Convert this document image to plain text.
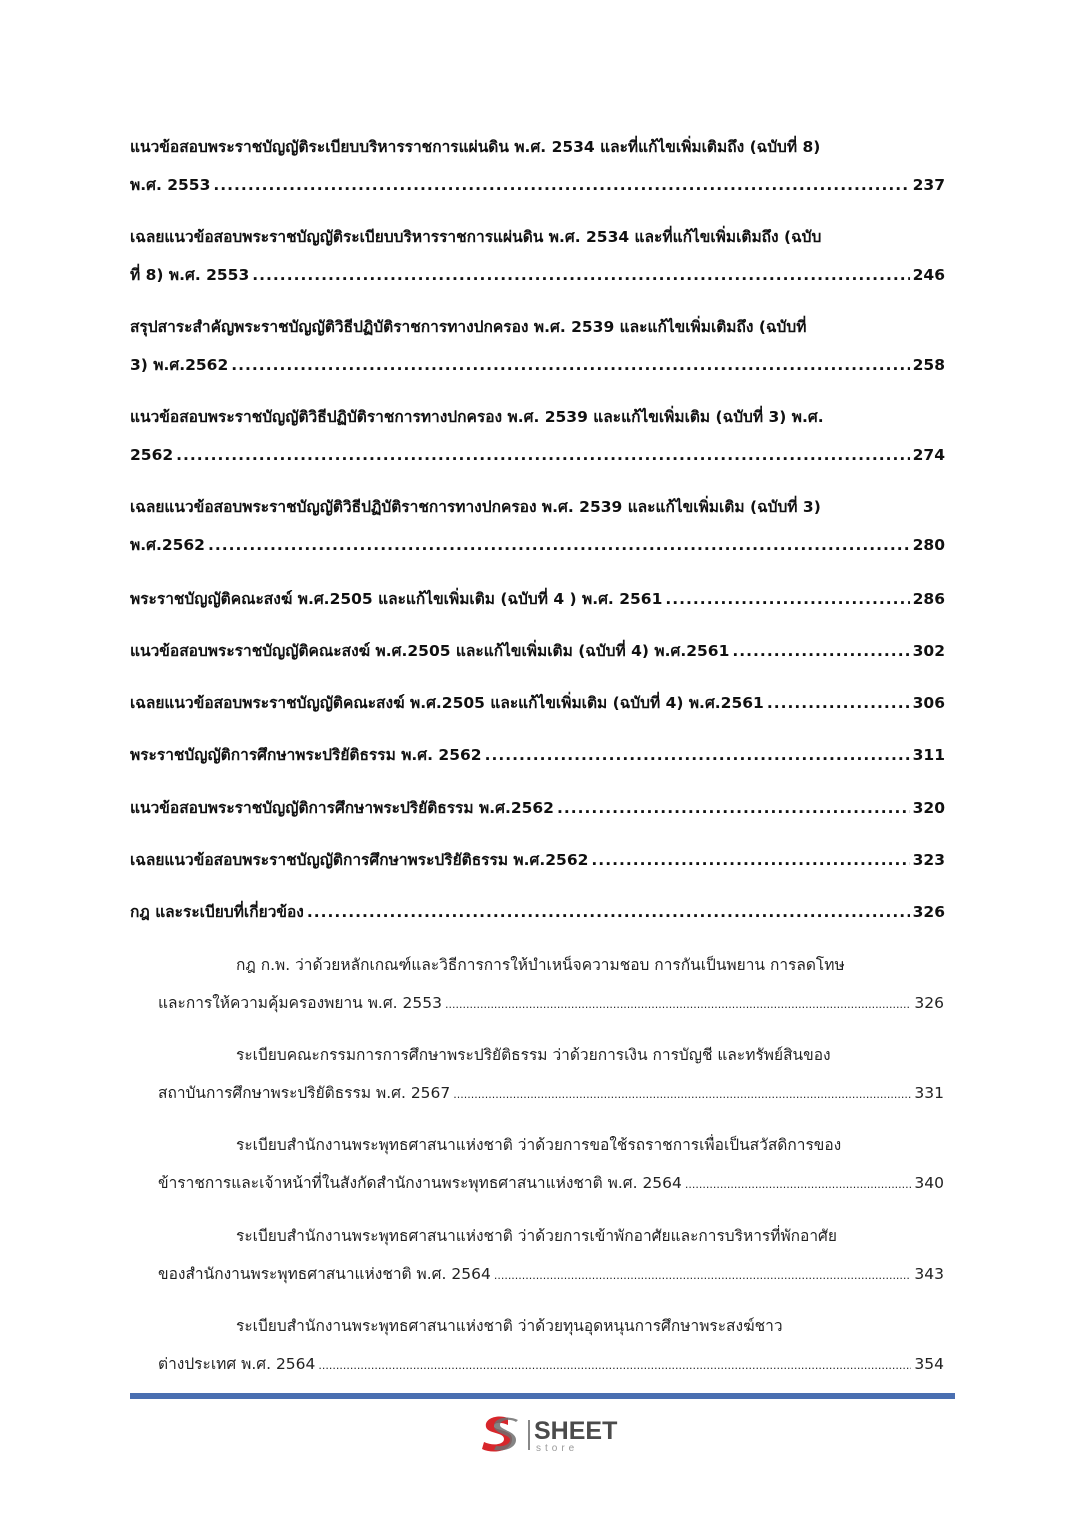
แนวข้อสอบพระราชบัญญัติระเบียบบริหารราชการแผ่นดิน พ.ศ. 2534 และที่แก้ไขเพิ่มเติมถึง (ฉบับที่ 8)
พ.ศ. 2553 .....	237
เฉลยแนวข้อสอบพระราชบัญญัติระเบียบบริหารราชการแผ่นดิน พ.ศ. 2534 และที่แก้ไขเพิ่มเติมถึง (ฉบับ
ที่ 8) พ.ศ. 2553 .....	246
สรุปสาระสำคัญพระราชบัญญัติวิธีปฏิบัติราชการทางปกครอง พ.ศ. 2539 และแก้ไขเพิ่มเติมถึง (ฉบับที่
3) พ.ศ.2562 .....	258
แนวข้อสอบพระราชบัญญัติวิธีปฏิบัติราชการทางปกครอง พ.ศ. 2539 และแก้ไขเพิ่มเติม (ฉบับที่ 3) พ.ศ.
2562 .....	274
เฉลยแนวข้อสอบพระราชบัญญัติวิธีปฏิบัติราชการทางปกครอง พ.ศ. 2539 และแก้ไขเพิ่มเติม (ฉบับที่ 3)
พ.ศ.2562 .....	280
พระราชบัญญัติคณะสงฆ์ พ.ศ.2505 และแก้ไขเพิ่มเติม (ฉบับที่ 4 ) พ.ศ. 2561 .....	286
แนวข้อสอบพระราชบัญญัติคณะสงฆ์ พ.ศ.2505 และแก้ไขเพิ่มเติม (ฉบับที่ 4) พ.ศ.2561 .....	302
เฉลยแนวข้อสอบพระราชบัญญัติคณะสงฆ์ พ.ศ.2505 และแก้ไขเพิ่มเติม (ฉบับที่ 4) พ.ศ.2561 .....	306
พระราชบัญญัติการศึกษาพระปริยัติธรรม พ.ศ. 2562 .....	311
แนวข้อสอบพระราชบัญญัติการศึกษาพระปริยัติธรรม พ.ศ.2562 .....	320
เฉลยแนวข้อสอบพระราชบัญญัติการศึกษาพระปริยัติธรรม พ.ศ.2562 .....	323
กฎ และระเบียบที่เกี่ยวข้อง .....	326
กฎ ก.พ. ว่าด้วยหลักเกณฑ์และวิธีการการให้บำเหน็จความชอบ การกันเป็นพยาน การลดโทษ
และการให้ความคุ้มครองพยาน พ.ศ. 2553 .....	326
ระเบียบคณะกรรมการการศึกษาพระปริยัติธรรม ว่าด้วยการเงิน การบัญชี และทรัพย์สินของ
สถาบันการศึกษาพระปริยัติธรรม พ.ศ. 2567 .....	331
ระเบียบสำนักงานพระพุทธศาสนาแห่งชาติ ว่าด้วยการขอใช้รถราชการเพื่อเป็นสวัสดิการของ
ข้าราชการและเจ้าหน้าที่ในสังกัดสำนักงานพระพุทธศาสนาแห่งชาติ พ.ศ. 2564 .....	340
ระเบียบสำนักงานพระพุทธศาสนาแห่งชาติ ว่าด้วยการเข้าพักอาศัยและการบริหารที่พักอาศัย
ของสำนักงานพระพุทธศาสนาแห่งชาติ พ.ศ. 2564 .....	343
ระเบียบสำนักงานพระพุทธศาสนาแห่งชาติ ว่าด้วยทุนอุดหนุนการศึกษาพระสงฆ์ชาว
ต่างประเทศ พ.ศ. 2564 .....	354
SHEET
store
